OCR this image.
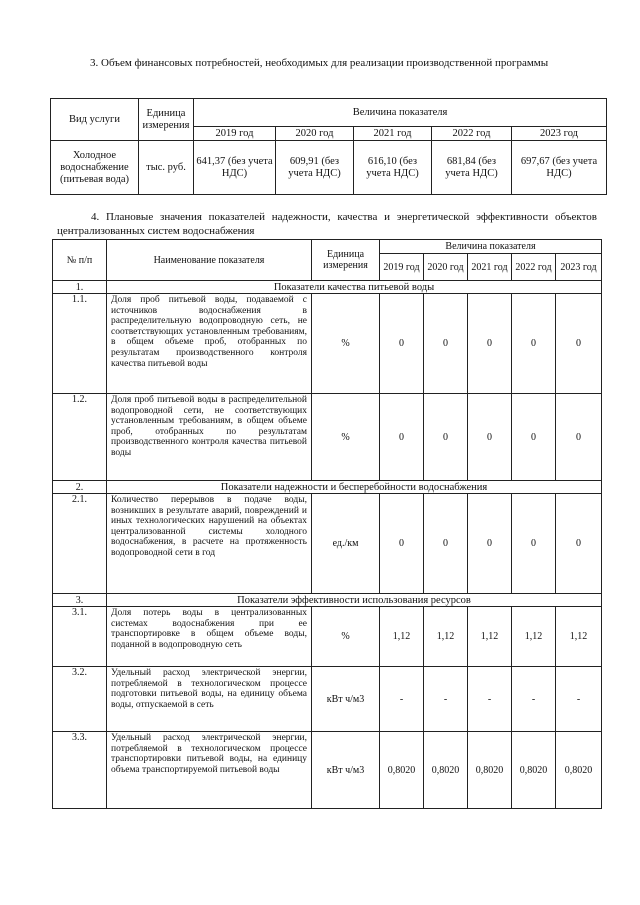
3. Объем финансовых потребностей, необходимых для реализации производственной программы
Вид услуги	Единица измерения	Величина показателя				
		2019 год	2020 год	2021 год	2022 год	2023 год
Холодное водоснабжение (питьевая вода)	тыс. руб.	641,37 (без учета НДС)	609,91 (без учета НДС)	616,10 (без учета НДС)	681,84 (без учета НДС)	697,67 (без учета НДС)
4. Плановые значения показателей надежности, качества и энергетической эффективности объектов централизованных систем водоснабжения
№ п/п	Наименование показателя	Единица измерения	Величина показателя				
			2019 год	2020 год	2021 год	2022 год	2023 год
1.	Показатели качества питьевой воды						
1.1.	Доля проб питьевой воды, подаваемой с источников водоснабжения в распределительную водопроводную сеть, не соответствующих установленным требованиям, в общем объеме проб, отобранных по результатам производственного контроля качества питьевой воды	%	0	0	0	0	0
1.2.	Доля проб питьевой воды в распределительной водопроводной сети, не соответствующих установленным требованиям, в общем объеме проб, отобранных по результатам производственного контроля качества питьевой воды	%	0	0	0	0	0
2.	Показатели надежности и бесперебойности водоснабжения						
2.1.	Количество перерывов в подаче воды, возникших в результате аварий, повреждений и иных технологических нарушений на объектах централизованной системы холодного водоснабжения, в расчете на протяженность водопроводной сети в год	ед./км	0	0	0	0	0
3.	Показатели эффективности использования ресурсов						
3.1.	Доля потерь воды в централизованных системах водоснабжения при ее транспортировке в общем объеме воды, поданной в водопроводную сеть	%	1,12	1,12	1,12	1,12	1,12
3.2.	Удельный расход электрической энергии, потребляемой в технологическом процессе подготовки питьевой воды, на единицу объема воды, отпускаемой в сеть	кВт ч/м3	-	-	-	-	-
3.3.	Удельный расход электрической энергии, потребляемой в технологическом процессе транспортировки питьевой воды, на единицу объема транспортируемой питьевой воды	кВт ч/м3	0,8020	0,8020	0,8020	0,8020	0,8020
